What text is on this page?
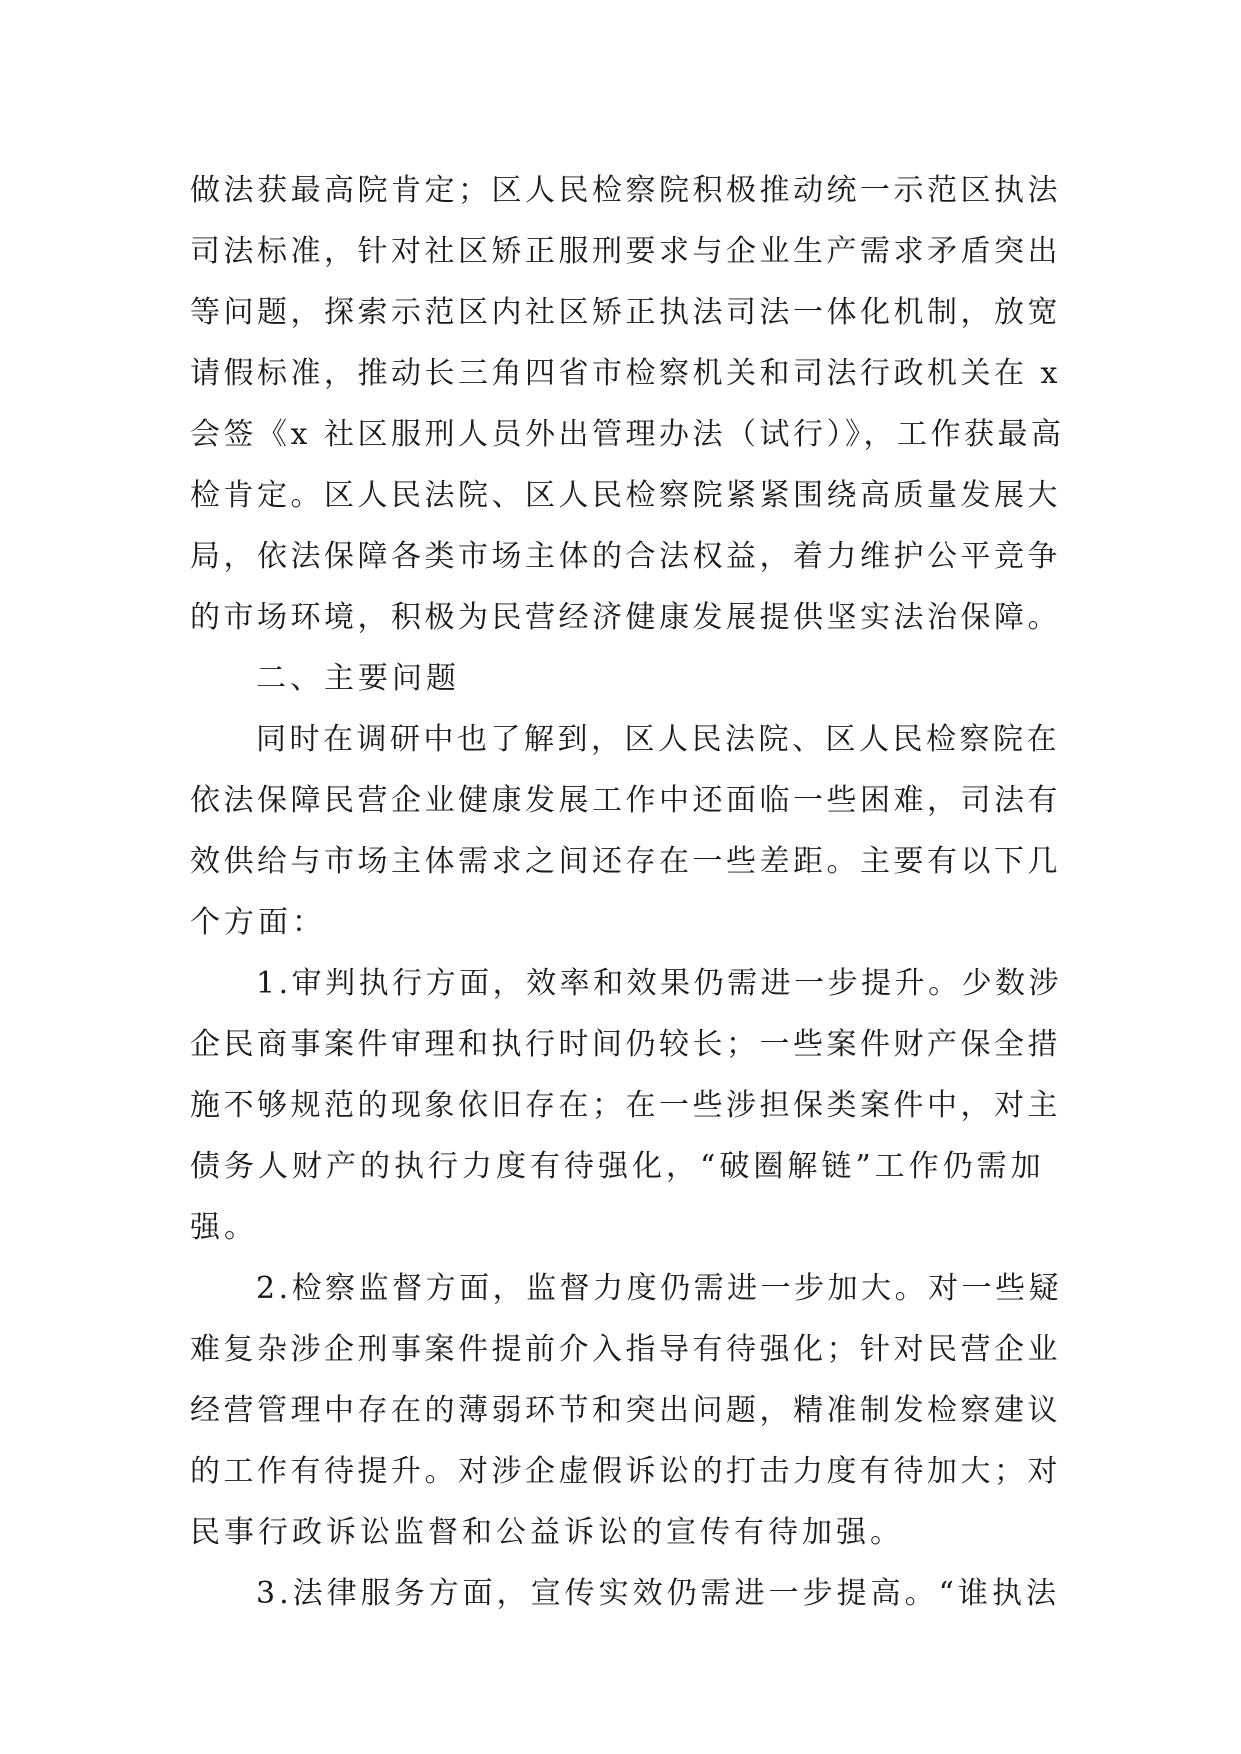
做法获最高院肯定；区人民检察院积极推动统一示范区执法
司法标准，针对社区矫正服刑要求与企业生产需求矛盾突出
等问题，探索示范区内社区矫正执法司法一体化机制，放宽
请假标准，推动长三角四省市检察机关和司法行政机关在 x
会签《x 社区服刑人员外出管理办法（试行）》，工作获最高
检肯定。区人民法院、区人民检察院紧紧围绕高质量发展大
局，依法保障各类市场主体的合法权益，着力维护公平竞争
的市场环境，积极为民营经济健康发展提供坚实法治保障。
二、主要问题
同时在调研中也了解到，区人民法院、区人民检察院在
依法保障民营企业健康发展工作中还面临一些困难，司法有
效供给与市场主体需求之间还存在一些差距。主要有以下几
个方面：
1.审判执行方面，效率和效果仍需进一步提升。少数涉
企民商事案件审理和执行时间仍较长；一些案件财产保全措
施不够规范的现象依旧存在；在一些涉担保类案件中，对主
债务人财产的执行力度有待强化，“破圈解链”工作仍需加
强。
2.检察监督方面，监督力度仍需进一步加大。对一些疑
难复杂涉企刑事案件提前介入指导有待强化；针对民营企业
经营管理中存在的薄弱环节和突出问题，精准制发检察建议
的工作有待提升。对涉企虚假诉讼的打击力度有待加大；对
民事行政诉讼监督和公益诉讼的宣传有待加强。
3.法律服务方面，宣传实效仍需进一步提高。“谁执法
